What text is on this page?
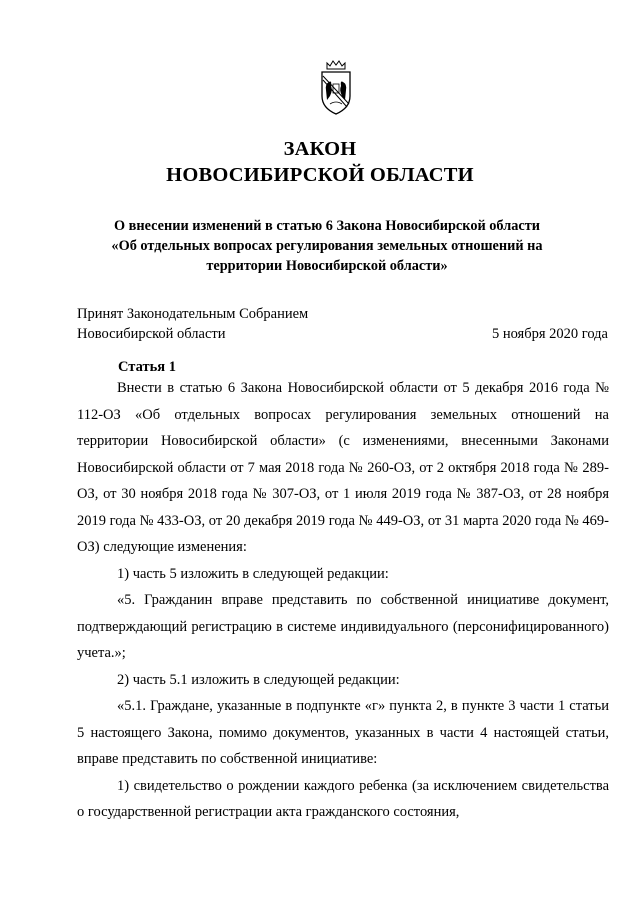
ЗАКОН
НОВОСИБИРСКОЙ ОБЛАСТИ
О внесении изменений в статью 6 Закона Новосибирской области
«Об отдельных вопросах регулирования земельных отношений на
территории Новосибирской области»
Принят Законодательным Собранием
Новосибирской области	5 ноября 2020 года
Статья 1

Внести в статью 6 Закона Новосибирской области от 5 декабря 2016 года № 112-ОЗ «Об отдельных вопросах регулирования земельных отношений на территории Новосибирской области» (с изменениями, внесенными Законами Новосибирской области от 7 мая 2018 года № 260-ОЗ, от 2 октября 2018 года № 289-ОЗ, от 30 ноября 2018 года № 307-ОЗ, от 1 июля 2019 года № 387-ОЗ, от 28 ноября 2019 года № 433-ОЗ, от 20 декабря 2019 года № 449-ОЗ, от 31 марта 2020 года № 469-ОЗ) следующие изменения:

1) часть 5 изложить в следующей редакции:

«5. Гражданин вправе представить по собственной инициативе документ, подтверждающий регистрацию в системе индивидуального (персонифицированного) учета.»;

2) часть 5.1 изложить в следующей редакции:

«5.1. Граждане, указанные в подпункте «г» пункта 2, в пункте 3 части 1 статьи 5 настоящего Закона, помимо документов, указанных в части 4 настоящей статьи, вправе представить по собственной инициативе:

1) свидетельство о рождении каждого ребенка (за исключением свидетельства о государственной регистрации акта гражданского состояния,
